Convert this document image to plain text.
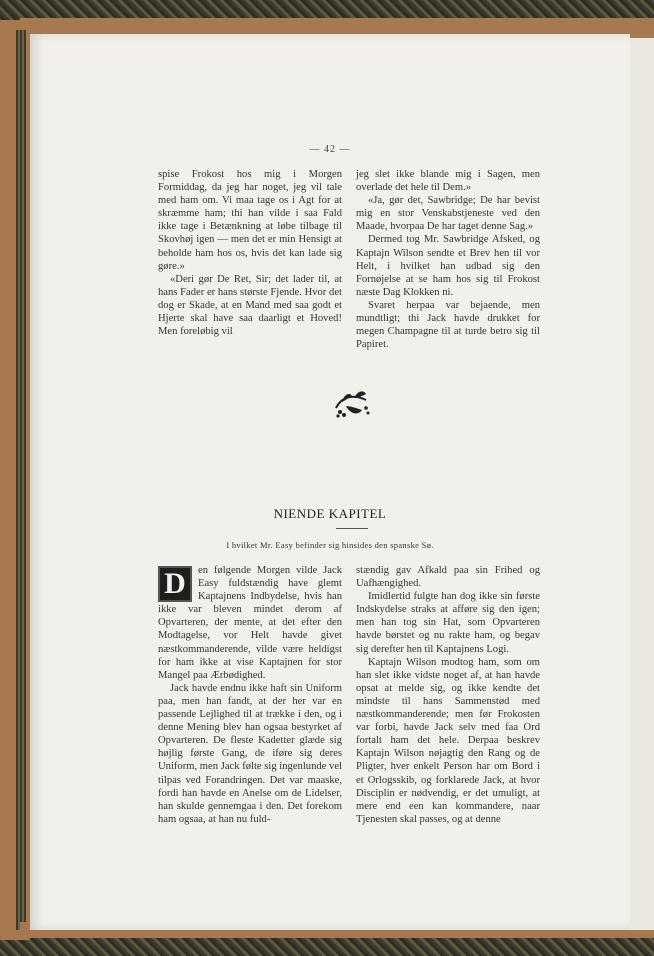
— 42 —

spise Frokost hos mig i Morgen Formiddag, da jeg har noget, jeg vil tale med ham om. Vi maa tage os i Agt for at skræmme ham; thi han vilde i saa Fald ikke tage i Betænkning at løbe tilbage til Skovhøj igen — men det er min Hensigt at beholde ham hos os, hvis det kan lade sig gøre.»

«Deri gør De Ret, Sir; det lader til, at hans Fader er hans største Fjende. Hvor det dog er Skade, at en Mand med saa godt et Hjerte skal have saa daarligt et Hoved! Men foreløbig vil

jeg slet ikke blande mig i Sagen, men overlade det hele til Dem.»

«Ja, gør det, Sawbridge; De har bevist mig en stor Venskabstjeneste ved den Maade, hvorpaa De har taget denne Sag.»

Dermed tog Mr. Sawbridge Afsked, og Kaptajn Wilson sendte et Brev hen til vor Helt, i hvilket han udbad sig den Fornøjelse at se ham hos sig til Frokost næste Dag Klokken ni.

Svaret herpaa var bejaende, men mundtligt; thi Jack havde drukket for megen Champagne til at turde betro sig til Papiret.

NIENDE KAPITEL
I hvilket Mr. Easy befinder sig hinsides den spanske Sø.

D	en følgende Morgen vilde Jack Easy fuldstændig have glemt Kaptajnens Indbydelse, hvis han ikke var bleven mindet derom af Opvarteren, der mente, at det efter den Modtagelse, vor Helt havde givet næstkommanderende, vilde være heldigst for ham ikke at vise Kaptajnen for stor Mangel paa Ærbødighed.

Jack havde endnu ikke haft sin Uniform paa, men han fandt, at der her var en passende Lejlighed til at trække i den, og i denne Mening blev han ogsaa bestyrket af Opvarteren. De fleste Kadetter glæde sig højlig første Gang, de iføre sig deres Uniform, men Jack følte sig ingenlunde vel tilpas ved Forandringen. Det var maaske, fordi han havde en Anelse om de Lidelser, han skulde gennemgaa i den. Det forekom ham ogsaa, at han nu fuld-

stændig gav Afkald paa sin Frihed og Uafhængighed.

Imidlertid fulgte han dog ikke sin første Indskydelse straks at afføre sig den igen; men han tog sin Hat, som Opvarteren havde børstet og nu rakte ham, og begav sig derefter hen til Kaptajnens Logi.

Kaptajn Wilson modtog ham, som om han slet ikke vidste noget af, at han havde opsat at melde sig, og ikke kendte det mindste til hans Sammenstød med næstkommanderende; men før Frokosten var forbi, havde Jack selv med faa Ord fortalt ham det hele. Derpaa beskrev Kaptajn Wilson nøjagtig den Rang og de Pligter, hver enkelt Person har om Bord i et Orlogsskib, og forklarede Jack, at hvor Disciplin er nødvendig, er det umuligt, at mere end een kan kommandere, naar Tjenesten skal passes, og at denne
